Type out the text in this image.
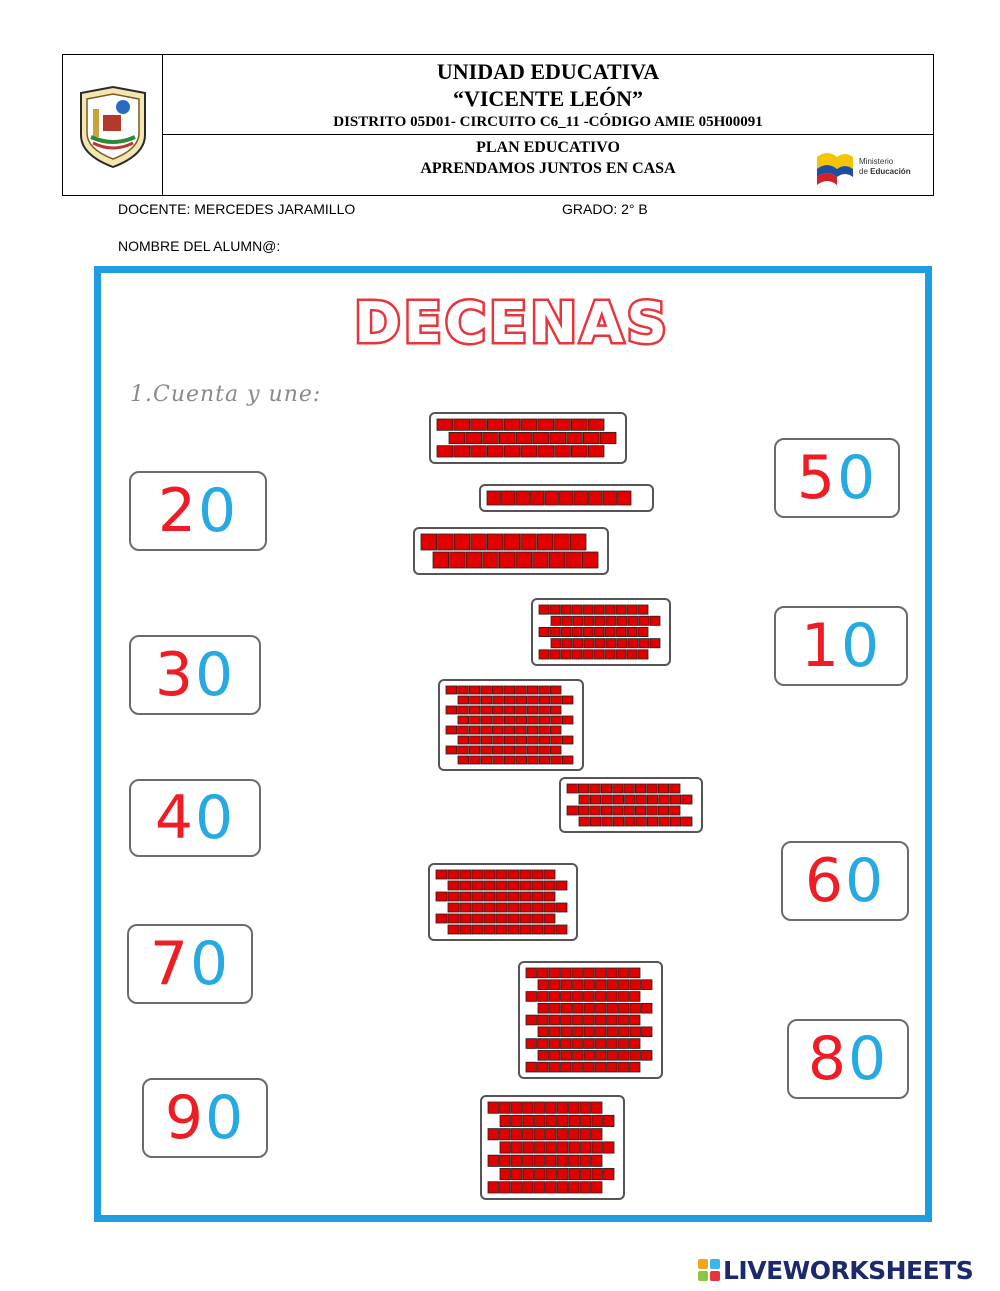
UNIDAD EDUCATIVA
“VICENTE LEÓN”
DISTRITO 05D01- CIRCUITO C6_11 -CÓDIGO AMIE 05H00091
PLAN EDUCATIVO
APRENDAMOS JUNTOS EN CASA	Ministerio
de Educación
DOCENTE: MERCEDES JARAMILLO	GRADO: 2° B
NOMBRE DEL ALUMN@:
DECENAS
1.Cuenta y une:
2 0
3 0
4 0
7 0
9 0
5 0
1 0
6 0
8 0
LIVEWORKSHEETS
